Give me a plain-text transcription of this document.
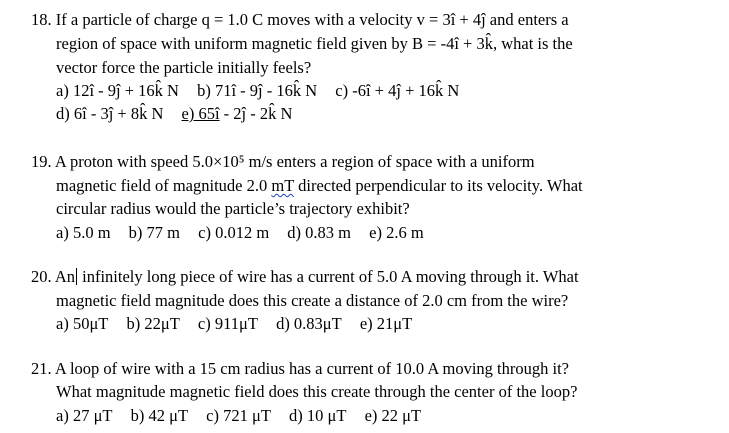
18. If a particle of charge q = 1.0 C moves with a velocity v = 3î + 4ĵ and enters a
region of space with uniform magnetic field given by B = -4î + 3k̂, what is the
vector force the particle initially feels?
a) 12î - 9ĵ + 16k̂ N b) 71î - 9ĵ - 16k̂ N c) -6î + 4ĵ + 16k̂ N
d) 6î - 3ĵ + 8k̂ N e) 65î - 2ĵ - 2k̂ N
19. A proton with speed 5.0×10⁵ m/s enters a region of space with a uniform
magnetic field of magnitude 2.0 mT directed perpendicular to its velocity. What
circular radius would the particle’s trajectory exhibit?
a) 5.0 m b) 77 m c) 0.012 m d) 0.83 m e) 2.6 m
20. An infinitely long piece of wire has a current of 5.0 A moving through it. What
magnetic field magnitude does this create a distance of 2.0 cm from the wire?
a) 50μT b) 22μT c) 911μT d) 0.83μT e) 21μT
21. A loop of wire with a 15 cm radius has a current of 10.0 A moving through it?
What magnitude magnetic field does this create through the center of the loop?
a) 27 μT b) 42 μT c) 721 μT d) 10 μT e) 22 μT
